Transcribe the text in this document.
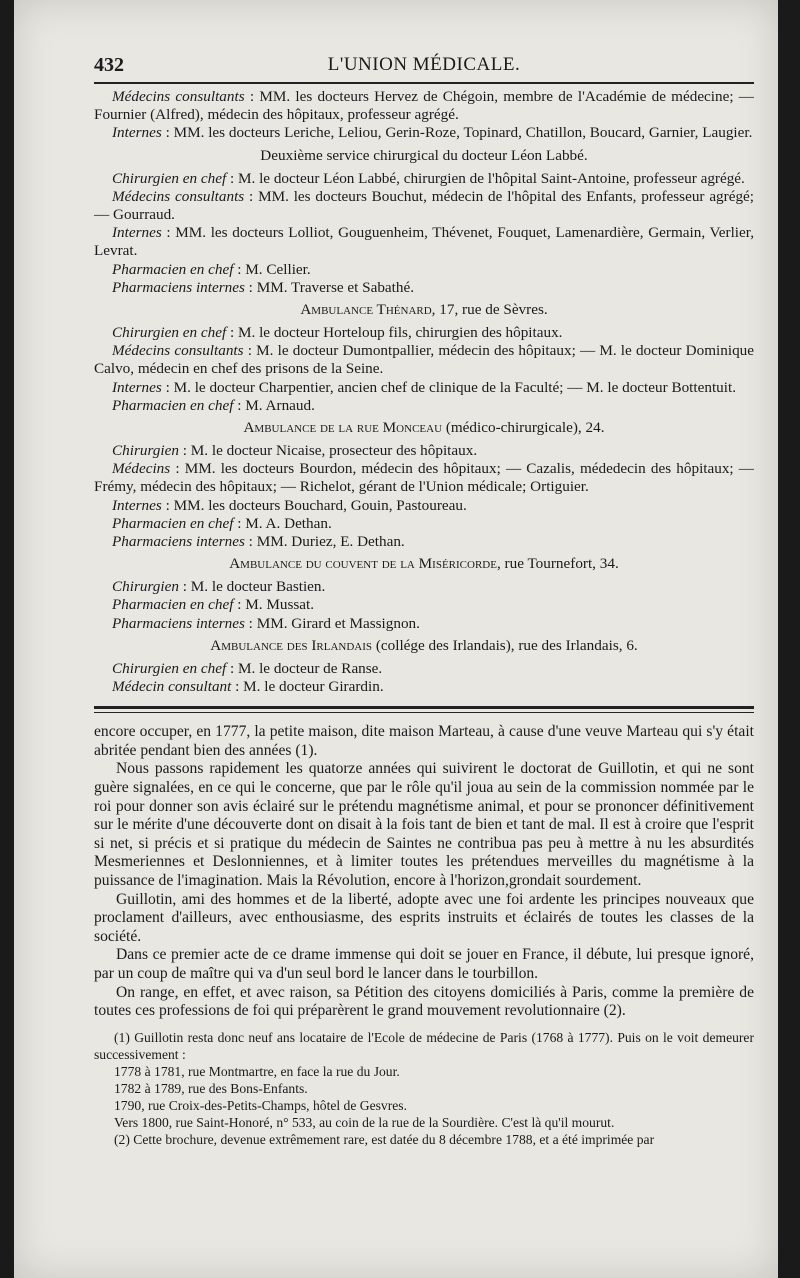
432	L'UNION MÉDICALE.

Médecins consultants : MM. les docteurs Hervez de Chégoin, membre de l'Académie de médecine; — Fournier (Alfred), médecin des hôpitaux, professeur agrégé.

Internes : MM. les docteurs Leriche, Leliou, Gerin-Roze, Topinard, Chatillon, Boucard, Garnier, Laugier.

Deuxième service chirurgical du docteur Léon Labbé.

Chirurgien en chef : M. le docteur Léon Labbé, chirurgien de l'hôpital Saint-Antoine, professeur agrégé.

Médecins consultants : MM. les docteurs Bouchut, médecin de l'hôpital des Enfants, professeur agrégé; — Gourraud.

Internes : MM. les docteurs Lolliot, Gouguenheim, Thévenet, Fouquet, Lamenardière, Germain, Verlier, Levrat.

Pharmacien en chef : M. Cellier.

Pharmaciens internes : MM. Traverse et Sabathé.

Ambulance Thénard, 17, rue de Sèvres.

Chirurgien en chef : M. le docteur Horteloup fils, chirurgien des hôpitaux.

Médecins consultants : M. le docteur Dumontpallier, médecin des hôpitaux; — M. le docteur Dominique Calvo, médecin en chef des prisons de la Seine.

Internes : M. le docteur Charpentier, ancien chef de clinique de la Faculté; — M. le docteur Bottentuit.

Pharmacien en chef : M. Arnaud.

Ambulance de la rue Monceau (médico-chirurgicale), 24.

Chirurgien : M. le docteur Nicaise, prosecteur des hôpitaux.

Médecins : MM. les docteurs Bourdon, médecin des hôpitaux; — Cazalis, médedecin des hôpitaux; — Frémy, médecin des hôpitaux; — Richelot, gérant de l'Union médicale; Ortiguier.

Internes : MM. les docteurs Bouchard, Gouin, Pastoureau.

Pharmacien en chef : M. A. Dethan.

Pharmaciens internes : MM. Duriez, E. Dethan.

Ambulance du couvent de la Miséricorde, rue Tournefort, 34.

Chirurgien : M. le docteur Bastien.

Pharmacien en chef : M. Mussat.

Pharmaciens internes : MM. Girard et Massignon.

Ambulance des Irlandais (collége des Irlandais), rue des Irlandais, 6.

Chirurgien en chef : M. le docteur de Ranse.

Médecin consultant : M. le docteur Girardin.

encore occuper, en 1777, la petite maison, dite maison Marteau, à cause d'une veuve Marteau qui s'y était abritée pendant bien des années (1).

Nous passons rapidement les quatorze années qui suivirent le doctorat de Guillotin, et qui ne sont guère signalées, en ce qui le concerne, que par le rôle qu'il joua au sein de la commission nommée par le roi pour donner son avis éclairé sur le prétendu magnétisme animal, et pour se prononcer définitivement sur le mérite d'une découverte dont on disait à la fois tant de bien et tant de mal. Il est à croire que l'esprit si net, si précis et si pratique du médecin de Saintes ne contribua pas peu à mettre à nu les absurdités Mesmeriennes et Deslonniennes, et à limiter toutes les prétendues merveilles du magnétisme à la puissance de l'imagination. Mais la Révolution, encore à l'horizon,grondait sourdement.

Guillotin, ami des hommes et de la liberté, adopte avec une foi ardente les principes nouveaux que proclament d'ailleurs, avec enthousiasme, des esprits instruits et éclairés de toutes les classes de la société.

Dans ce premier acte de ce drame immense qui doit se jouer en France, il débute, lui presque ignoré, par un coup de maître qui va d'un seul bord le lancer dans le tourbillon.

On range, en effet, et avec raison, sa Pétition des citoyens domiciliés à Paris, comme la première de toutes ces professions de foi qui préparèrent le grand mouvement revolutionnaire (2).

(1) Guillotin resta donc neuf ans locataire de l'Ecole de médecine de Paris (1768 à 1777). Puis on le voit demeurer successivement :

1778 à 1781, rue Montmartre, en face la rue du Jour.

1782 à 1789, rue des Bons-Enfants.

1790, rue Croix-des-Petits-Champs, hôtel de Gesvres.

Vers 1800, rue Saint-Honoré, n° 533, au coin de la rue de la Sourdière. C'est là qu'il mourut.

(2) Cette brochure, devenue extrêmement rare, est datée du 8 décembre 1788, et a été imprimée par
